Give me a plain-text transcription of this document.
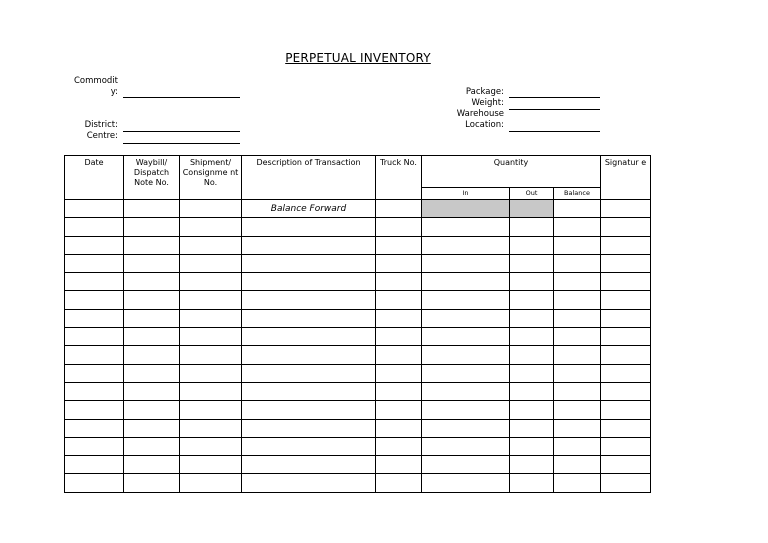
PERPETUAL INVENTORY
Commodit
y:
District:
Centre:
Package:
Weight:
Warehouse
Location:
Date	Waybill/ Dispatch Note No.	Shipment/ Consignme nt No.	Description of Transaction	Truck No.	Quantity			Signatur e
					In	Out	Balance	
			Balance Forward					
